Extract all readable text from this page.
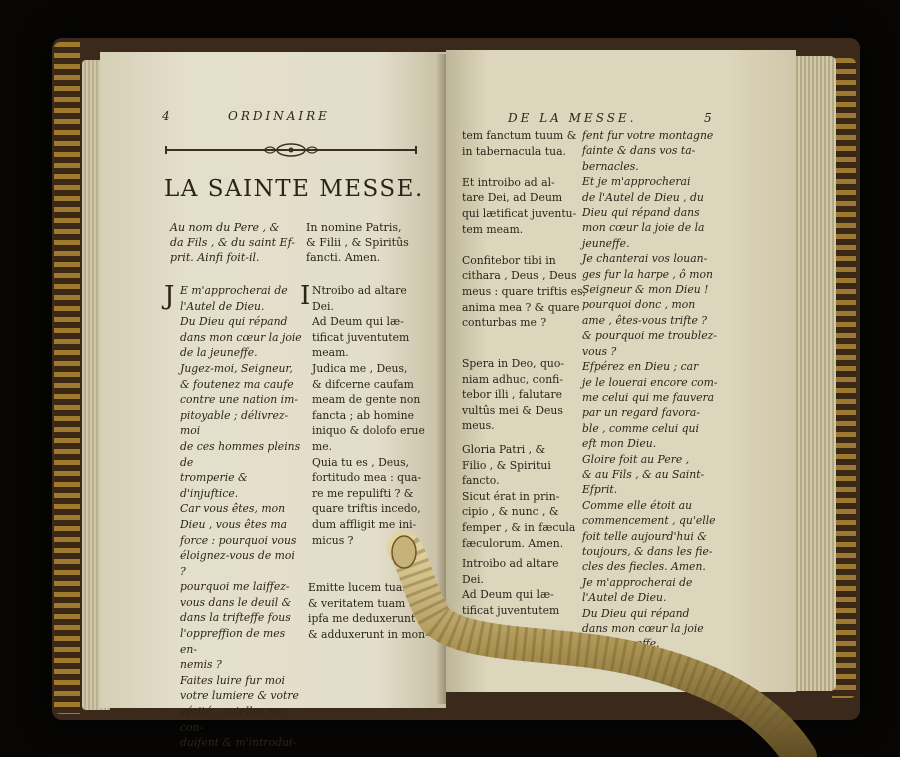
4	ORDINAIRE
LA SAINTE MESSE.
Au nom du Pere , &
da Fils , & du saint Ef-
prit. Ainfi foit-il.
In nomine Patris,
& Filii , & Spiritûs
fancti. Amen.
J E m'approcherai de
l'Autel de Dieu.
Du Dieu qui répand
dans mon cœur la joie
de la jeuneffe.
Jugez-moi, Seigneur,
& foutenez ma caufe
contre une nation im-
pitoyable ; délivrez-moi
de ces hommes pleins de
tromperie & d'injuftice.
Car vous êtes, mon
Dieu , vous êtes ma
force : pourquoi vous
éloignez-vous de moi ?
pourquoi me laiffez-
vous dans le deuil &
dans la trifteffe fous
l'oppreffion de mes en-
nemis ?
Faites luire fur moi
votre lumiere & votre
vérité : qu'elles me con-
duifent & m'introdui-
I Ntroibo ad altare
Dei.
Ad Deum qui læ-
tificat juventutem
meam.
Judica me , Deus,
& difcerne caufam
meam de gente non
fancta ; ab homine
iniquo & dolofo erue
me.
Quia tu es , Deus,
fortitudo mea : qua-
re me repulifti ? &
quare triftis incedo,
dum affligit me ini-
micus ?
Emitte lucem tuam
& veritatem tuam
ipfa me deduxerunt
& adduxerunt in mon-
DE LA MESSE.	5
tem fanctum tuum &
in tabernacula tua.

Et introibo ad al-
tare Dei, ad Deum
qui lætificat juventu-
tem meam.

Confitebor tibi in
cithara , Deus , Deus
meus : quare triftis es,
anima mea ? & quare
conturbas me ?
fent fur votre montagne
fainte & dans vos ta-
bernacles.
Et je m'approcherai
de l'Autel de Dieu , du
Dieu qui répand dans
mon cœur la joie de la
jeuneffe.
Je chanterai vos louan-
ges fur la harpe , ô mon
Seigneur & mon Dieu !
pourquoi donc , mon
ame , êtes-vous trifte ?
& pourquoi me troublez-
vous ?
Efpérez en Dieu ; car
je le louerai encore com-
me celui qui me fauvera
par un regard favora-
ble , comme celui qui
eft mon Dieu.
Gloire foit au Pere ,
& au Fils , & au Saint-
Efprit.
Comme elle étoit au
commencement , qu'elle
foit telle aujourd'hui &
toujours, & dans les fie-
cles des fiecles. Amen.
Je m'approcherai de
l'Autel de Dieu.
Du Dieu qui répand
dans mon cœur la joie
de la jeuneffe.
Spera in Deo, quo-
niam adhuc, confi-
tebor illi , falutare
vultûs mei & Deus
meus.
Gloria Patri , &
Filio , & Spiritui
fancto.
Sicut érat in prin-
cipio , & nunc , &
femper , & in fæcula
fæculorum. Amen.
Introibo ad altare
Dei.
Ad Deum qui læ-
tificat juventutem
meam.
